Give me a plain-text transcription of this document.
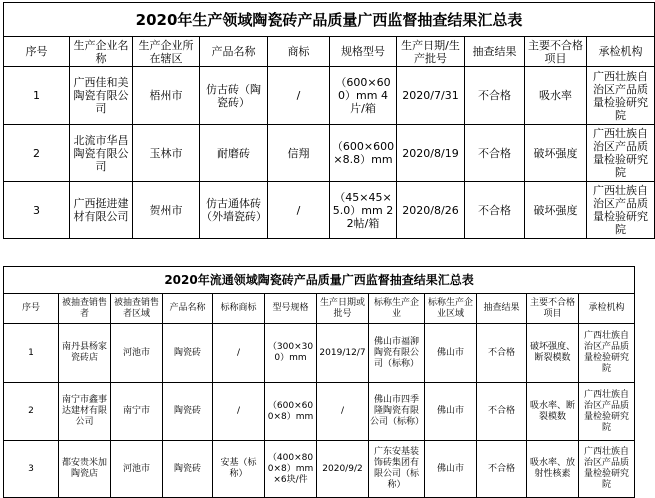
2020年生产领域陶瓷砖产品质量广西监督抽查结果汇总表									
序号	生产企业名称	生产企业所在辖区	产品名称	商标	规格型号	生产日期/生产批号	抽查结果	主要不合格项目	承检机构
1	广西佳和美陶瓷有限公司	梧州市	仿古砖（陶瓷砖）	/	（600×600）mm 4片/箱	2020/7/31	不合格	吸水率	广西壮族自治区产品质量检验研究院
2	北流市华昌陶瓷有限公司	玉林市	耐磨砖	信翔	（600×600×8.8）mm	2020/8/19	不合格	破坏强度	广西壮族自治区产品质量检验研究院
3	广西挺进建材有限公司	贺州市	仿古通体砖（外墙瓷砖）	/	（45×45×5.0）mm 22帖/箱	2020/8/26	不合格	破坏强度	广西壮族自治区产品质量检验研究院
2020年流通领域陶瓷砖产品质量广西监督抽查结果汇总表											
序号	被抽查销售者	被抽查销售者区域	产品名称	标称商标	型号规格	生产日期或批号	标称生产企业	标称生产企业区域	抽查结果	主要不合格项目	承检机构
1	南丹县杨家瓷砖店	河池市	陶瓷砖	/	（300×300）mm	2019/12/7	佛山市福泖陶瓷有限公司（标称）	佛山市	不合格	破坏强度、断裂模数	广西壮族自治区产品质量检验研究院
2	南宁市鑫事达建材有限公司	南宁市	陶瓷砖	/	（600×600×8）mm	/	佛山市四季隆陶瓷有限公司（标称）	佛山市	不合格	吸水率、断裂模数	广西壮族自治区产品质量检验研究院
3	都安贵米加陶瓷店	河池市	陶瓷砖	安基（标称）	（400×800×8）mm×6块/件	2020/9/2	广东安基装饰砖集团有限公司（标称）	佛山市	不合格	吸水率、放射性核素	广西壮族自治区产品质量检验研究院
